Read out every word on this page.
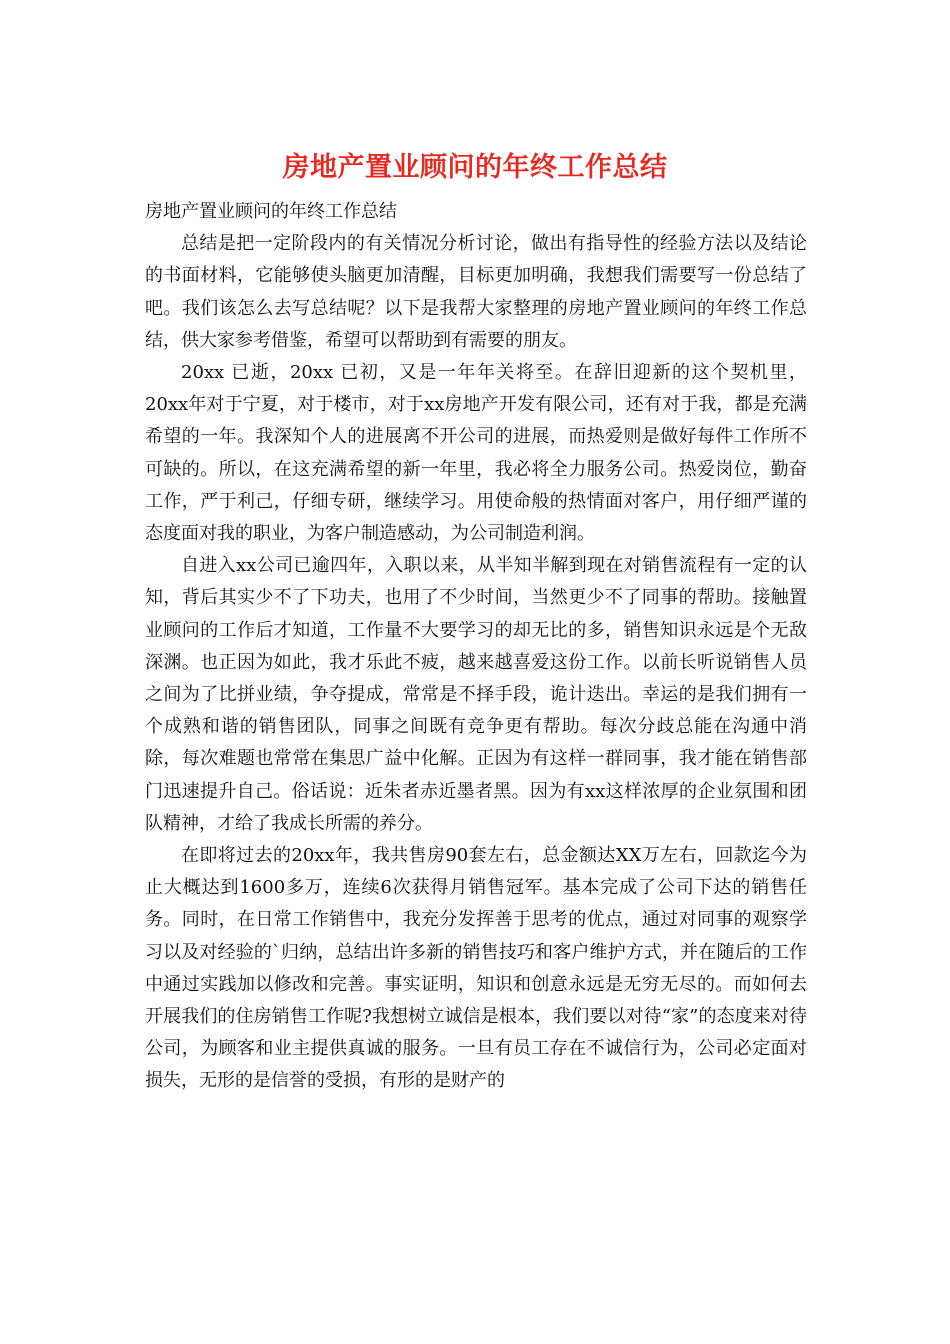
房地产置业顾问的年终工作总结

房地产置业顾问的年终工作总结

总结是把一定阶段内的有关情况分析讨论，做出有指导性的经验方法以及结论的书面材料，它能够使头脑更加清醒，目标更加明确，我想我们需要写一份总结了吧。我们该怎么去写总结呢？以下是我帮大家整理的房地产置业顾问的年终工作总结，供大家参考借鉴，希望可以帮助到有需要的朋友。

20xx 已逝，20xx 已初，又是一年年关将至。在辞旧迎新的这个契机里，20xx年对于宁夏，对于楼市，对于xx房地产开发有限公司，还有对于我，都是充满希望的一年。我深知个人的进展离不开公司的进展，而热爱则是做好每件工作所不可缺的。所以，在这充满希望的新一年里，我必将全力服务公司。热爱岗位，勤奋工作，严于利己，仔细专研，继续学习。用使命般的热情面对客户，用仔细严谨的态度面对我的职业，为客户制造感动，为公司制造利润。

自进入xx公司已逾四年，入职以来，从半知半解到现在对销售流程有一定的认知，背后其实少不了下功夫，也用了不少时间，当然更少不了同事的帮助。接触置业顾问的工作后才知道，工作量不大要学习的却无比的多，销售知识永远是个无敌深渊。也正因为如此，我才乐此不疲，越来越喜爱这份工作。以前长听说销售人员之间为了比拼业绩，争夺提成，常常是不择手段，诡计迭出。幸运的是我们拥有一个成熟和谐的销售团队，同事之间既有竞争更有帮助。每次分歧总能在沟通中消除，每次难题也常常在集思广益中化解。正因为有这样一群同事，我才能在销售部门迅速提升自己。俗话说：近朱者赤近墨者黑。因为有xx这样浓厚的企业氛围和团队精神，才给了我成长所需的养分。

在即将过去的20xx年，我共售房90套左右，总金额达XX万左右，回款迄今为止大概达到1600多万，连续6次获得月销售冠军。基本完成了公司下达的销售任务。同时，在日常工作销售中，我充分发挥善于思考的优点，通过对同事的观察学习以及对经验的`归纳，总结出许多新的销售技巧和客户维护方式，并在随后的工作中通过实践加以修改和完善。事实证明，知识和创意永远是无穷无尽的。而如何去开展我们的住房销售工作呢?我想树立诚信是根本，我们要以对待“家”的态度来对待公司，为顾客和业主提供真诚的服务。一旦有员工存在不诚信行为，公司必定面对损失，无形的是信誉的受损，有形的是财产的
